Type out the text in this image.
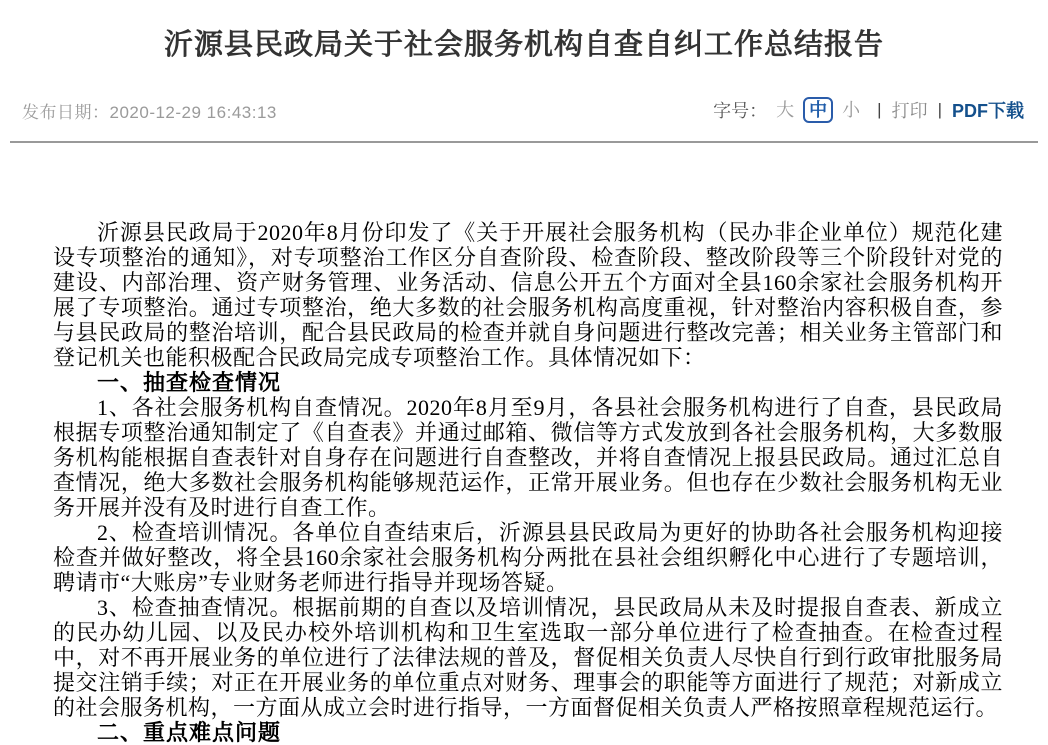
沂源县民政局关于社会服务机构自查自纠工作总结报告
发布日期：2020-12-29 16:43:13	字号： 大 中 小 | 打印 | PDF下载

沂源县民政局于2020年8月份印发了《关于开展社会服务机构（民办非企业单位）规范化建设专项整治的通知》，对专项整治工作区分自查阶段、检查阶段、整改阶段等三个阶段针对党的建设、内部治理、资产财务管理、业务活动、信息公开五个方面对全县160余家社会服务机构开展了专项整治。通过专项整治，绝大多数的社会服务机构高度重视，针对整治内容积极自查，参与县民政局的整治培训，配合县民政局的检查并就自身问题进行整改完善；相关业务主管部门和登记机关也能积极配合民政局完成专项整治工作。具体情况如下：

一、抽查检查情况

1、各社会服务机构自查情况。2020年8月至9月，各县社会服务机构进行了自查，县民政局根据专项整治通知制定了《自查表》并通过邮箱、微信等方式发放到各社会服务机构，大多数服务机构能根据自查表针对自身存在问题进行自查整改，并将自查情况上报县民政局。通过汇总自查情况，绝大多数社会服务机构能够规范运作，正常开展业务。但也存在少数社会服务机构无业务开展并没有及时进行自查工作。

2、检查培训情况。各单位自查结束后，沂源县县民政局为更好的协助各社会服务机构迎接检查并做好整改，将全县160余家社会服务机构分两批在县社会组织孵化中心进行了专题培训，聘请市“大账房”专业财务老师进行指导并现场答疑。

3、检查抽查情况。根据前期的自查以及培训情况，县民政局从未及时提报自查表、新成立的民办幼儿园、以及民办校外培训机构和卫生室选取一部分单位进行了检查抽查。在检查过程中，对不再开展业务的单位进行了法律法规的普及，督促相关负责人尽快自行到行政审批服务局提交注销手续；对正在开展业务的单位重点对财务、理事会的职能等方面进行了规范；对新成立的社会服务机构，一方面从成立会时进行指导，一方面督促相关负责人严格按照章程规范运行。

二、重点难点问题
